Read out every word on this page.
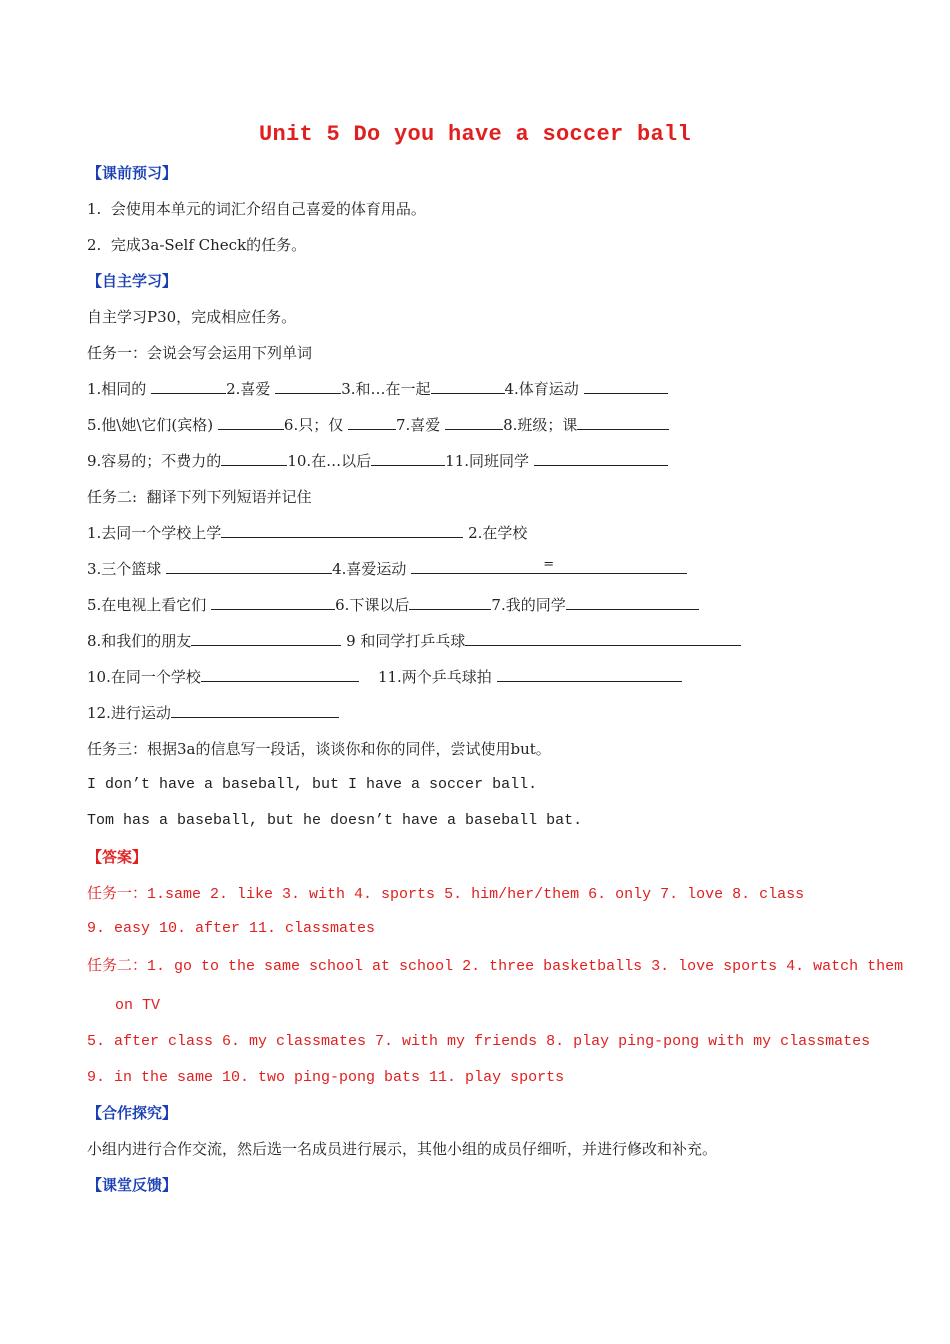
Unit 5 Do you have a soccer ball
【课前预习】
1.  会使用本单元的词汇介绍自己喜爱的体育用品。
2.  完成3a-Self Check的任务。
【自主学习】
自主学习P30，完成相应任务。
任务一：会说会写会运用下列单词
1.相同的	2.喜爱	3.和…在一起	4.体育运动
5.他\她\它们(宾格)	6.只；仅	7.喜爱	8.班级；课
9.容易的；不费力的	10.在…以后	11.同班同学
任务二:  翻译下列下列短语并记住
1.去同一个学校上学	2.在学校
3.三个篮球	4.喜爱运动	=
5.在电视上看它们	6.下课以后	7.我的同学
8.和我们的朋友	9 和同学打乒乓球
10.在同一个学校	11.两个乒乓球拍
12.进行运动
任务三：根据3a的信息写一段话，谈谈你和你的同伴，尝试使用but。
I don’t have a baseball, but I have a soccer ball.
Tom has a baseball, but he doesn’t have a baseball bat.
【答案】
任务一：1.same 2. like 3. with 4. sports 5. him/her/them 6. only 7. love 8. class
9. easy 10. after 11. classmates
任务二：1. go to the same school at school 2. three basketballs 3. love sports 4. watch them
on TV
5. after class 6. my classmates 7. with my friends 8. play ping-pong with my classmates
9. in the same 10. two ping-pong bats 11. play sports
【合作探究】
小组内进行合作交流，然后选一名成员进行展示，其他小组的成员仔细听，并进行修改和补充。
【课堂反馈】
